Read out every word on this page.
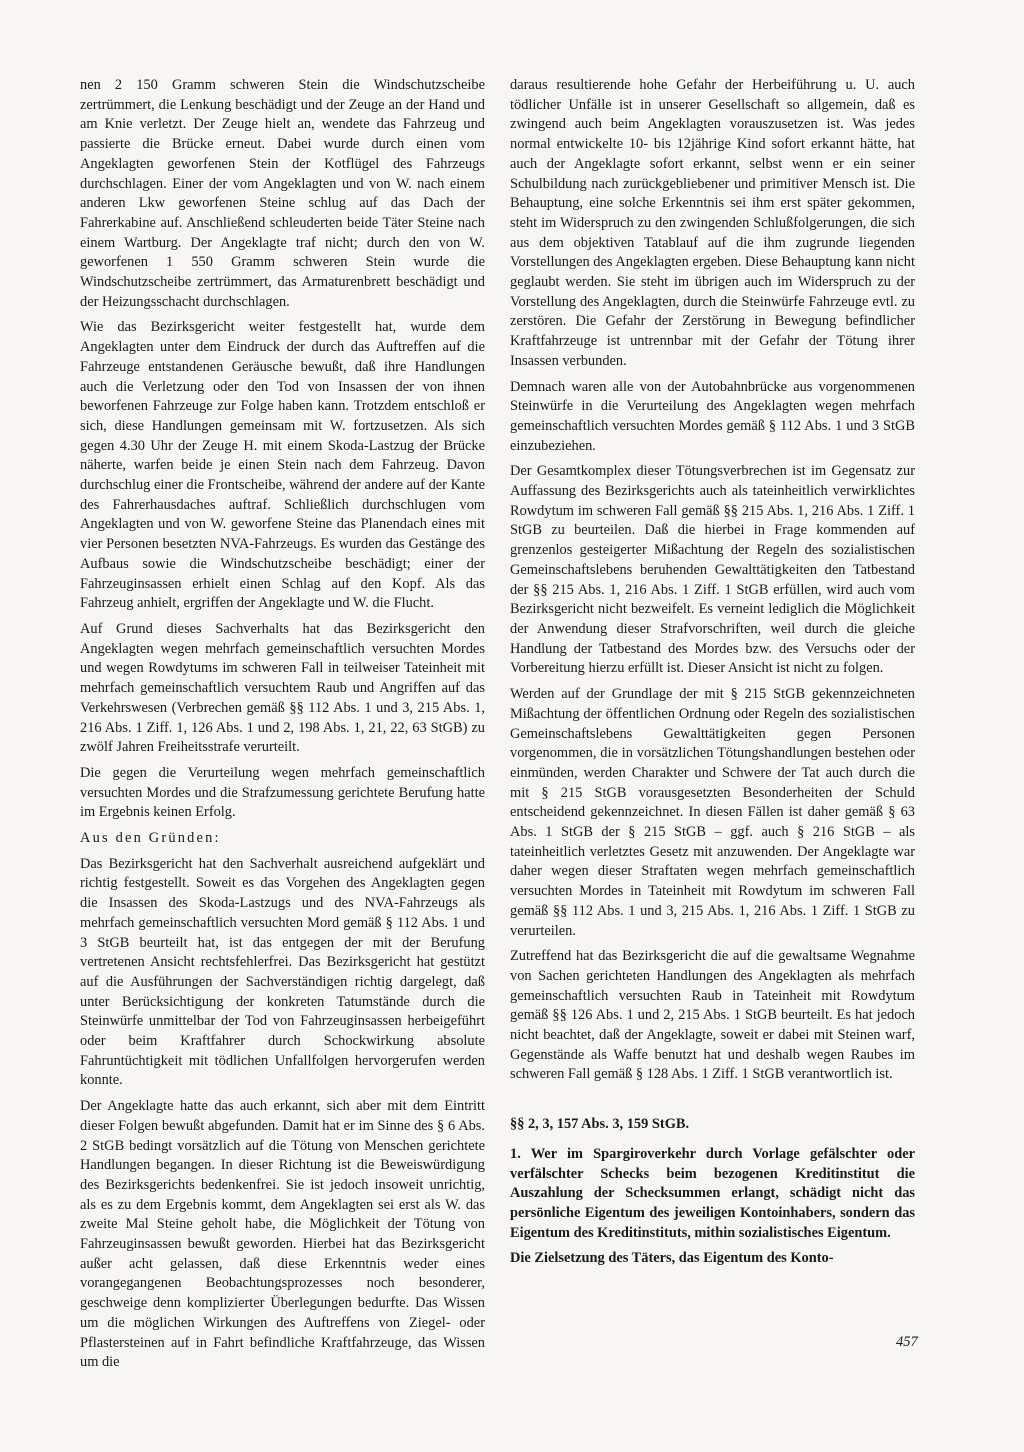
nen 2 150 Gramm schweren Stein die Windschutzscheibe zertrümmert, die Lenkung beschädigt und der Zeuge an der Hand und am Knie verletzt. Der Zeuge hielt an, wendete das Fahrzeug und passierte die Brücke erneut. Dabei wurde durch einen vom Angeklagten geworfenen Stein der Kotflügel des Fahrzeugs durchschlagen. Einer der vom Angeklagten und von W. nach einem anderen Lkw geworfenen Steine schlug auf das Dach der Fahrerkabine auf. Anschließend schleuderten beide Täter Steine nach einem Wartburg. Der Angeklagte traf nicht; durch den von W. geworfenen 1 550 Gramm schweren Stein wurde die Windschutzscheibe zertrümmert, das Armaturenbrett beschädigt und der Heizungsschacht durchschlagen.

Wie das Bezirksgericht weiter festgestellt hat, wurde dem Angeklagten unter dem Eindruck der durch das Auftreffen auf die Fahrzeuge entstandenen Geräusche bewußt, daß ihre Handlungen auch die Verletzung oder den Tod von Insassen der von ihnen beworfenen Fahrzeuge zur Folge haben kann. Trotzdem entschloß er sich, diese Handlungen gemeinsam mit W. fortzusetzen. Als sich gegen 4.30 Uhr der Zeuge H. mit einem Skoda-Lastzug der Brücke näherte, warfen beide je einen Stein nach dem Fahrzeug. Davon durchschlug einer die Frontscheibe, während der andere auf der Kante des Fahrerhausdaches auftraf. Schließlich durchschlugen vom Angeklagten und von W. geworfene Steine das Planendach eines mit vier Personen besetzten NVA-Fahrzeugs. Es wurden das Gestänge des Aufbaus sowie die Windschutzscheibe beschädigt; einer der Fahrzeuginsassen erhielt einen Schlag auf den Kopf. Als das Fahrzeug anhielt, ergriffen der Angeklagte und W. die Flucht.

Auf Grund dieses Sachverhalts hat das Bezirksgericht den Angeklagten wegen mehrfach gemeinschaftlich versuchten Mordes und wegen Rowdytums im schweren Fall in teilweiser Tateinheit mit mehrfach gemeinschaftlich versuchtem Raub und Angriffen auf das Verkehrswesen (Verbrechen gemäß §§ 112 Abs. 1 und 3, 215 Abs. 1, 216 Abs. 1 Ziff. 1, 126 Abs. 1 und 2, 198 Abs. 1, 21, 22, 63 StGB) zu zwölf Jahren Freiheitsstrafe verurteilt.

Die gegen die Verurteilung wegen mehrfach gemeinschaftlich versuchten Mordes und die Strafzumessung gerichtete Berufung hatte im Ergebnis keinen Erfolg.

Aus den Gründen:

Das Bezirksgericht hat den Sachverhalt ausreichend aufgeklärt und richtig festgestellt. Soweit es das Vorgehen des Angeklagten gegen die Insassen des Skoda-Lastzugs und des NVA-Fahrzeugs als mehrfach gemeinschaftlich versuchten Mord gemäß § 112 Abs. 1 und 3 StGB beurteilt hat, ist das entgegen der mit der Berufung vertretenen Ansicht rechtsfehlerfrei. Das Bezirksgericht hat gestützt auf die Ausführungen der Sachverständigen richtig dargelegt, daß unter Berücksichtigung der konkreten Tatumstände durch die Steinwürfe unmittelbar der Tod von Fahrzeuginsassen herbeigeführt oder beim Kraftfahrer durch Schockwirkung absolute Fahruntüchtigkeit mit tödlichen Unfallfolgen hervorgerufen werden konnte.

Der Angeklagte hatte das auch erkannt, sich aber mit dem Eintritt dieser Folgen bewußt abgefunden. Damit hat er im Sinne des § 6 Abs. 2 StGB bedingt vorsätzlich auf die Tötung von Menschen gerichtete Handlungen begangen. In dieser Richtung ist die Beweiswürdigung des Bezirksgerichts bedenkenfrei. Sie ist jedoch insoweit unrichtig, als es zu dem Ergebnis kommt, dem Angeklagten sei erst als W. das zweite Mal Steine geholt habe, die Möglichkeit der Tötung von Fahrzeuginsassen bewußt geworden. Hierbei hat das Bezirksgericht außer acht gelassen, daß diese Erkenntnis weder eines vorangegangenen Beobachtungsprozesses noch besonderer, geschweige denn komplizierter Überlegungen bedurfte. Das Wissen um die möglichen Wirkungen des Auftreffens von Ziegel- oder Pflastersteinen auf in Fahrt befindliche Kraftfahrzeuge, das Wissen um die

daraus resultierende hohe Gefahr der Herbeiführung u. U. auch tödlicher Unfälle ist in unserer Gesellschaft so allgemein, daß es zwingend auch beim Angeklagten vorauszusetzen ist. Was jedes normal entwickelte 10- bis 12jährige Kind sofort erkannt hätte, hat auch der Angeklagte sofort erkannt, selbst wenn er ein seiner Schulbildung nach zurückgebliebener und primitiver Mensch ist. Die Behauptung, eine solche Erkenntnis sei ihm erst später gekommen, steht im Widerspruch zu den zwingenden Schlußfolgerungen, die sich aus dem objektiven Tatablauf auf die ihm zugrunde liegenden Vorstellungen des Angeklagten ergeben. Diese Behauptung kann nicht geglaubt werden. Sie steht im übrigen auch im Widerspruch zu der Vorstellung des Angeklagten, durch die Steinwürfe Fahrzeuge evtl. zu zerstören. Die Gefahr der Zerstörung in Bewegung befindlicher Kraftfahrzeuge ist untrennbar mit der Gefahr der Tötung ihrer Insassen verbunden.

Demnach waren alle von der Autobahnbrücke aus vorgenommenen Steinwürfe in die Verurteilung des Angeklagten wegen mehrfach gemeinschaftlich versuchten Mordes gemäß § 112 Abs. 1 und 3 StGB einzubeziehen.

Der Gesamtkomplex dieser Tötungsverbrechen ist im Gegensatz zur Auffassung des Bezirksgerichts auch als tateinheitlich verwirklichtes Rowdytum im schweren Fall gemäß §§ 215 Abs. 1, 216 Abs. 1 Ziff. 1 StGB zu beurteilen. Daß die hierbei in Frage kommenden auf grenzenlos gesteigerter Mißachtung der Regeln des sozialistischen Gemeinschaftslebens beruhenden Gewalttätigkeiten den Tatbestand der §§ 215 Abs. 1, 216 Abs. 1 Ziff. 1 StGB erfüllen, wird auch vom Bezirksgericht nicht bezweifelt. Es verneint lediglich die Möglichkeit der Anwendung dieser Strafvorschriften, weil durch die gleiche Handlung der Tatbestand des Mordes bzw. des Versuchs oder der Vorbereitung hierzu erfüllt ist. Dieser Ansicht ist nicht zu folgen.

Werden auf der Grundlage der mit § 215 StGB gekennzeichneten Mißachtung der öffentlichen Ordnung oder Regeln des sozialistischen Gemeinschaftslebens Gewalttätigkeiten gegen Personen vorgenommen, die in vorsätzlichen Tötungshandlungen bestehen oder einmünden, werden Charakter und Schwere der Tat auch durch die mit § 215 StGB vorausgesetzten Besonderheiten der Schuld entscheidend gekennzeichnet. In diesen Fällen ist daher gemäß § 63 Abs. 1 StGB der § 215 StGB – ggf. auch § 216 StGB – als tateinheitlich verletztes Gesetz mit anzuwenden. Der Angeklagte war daher wegen dieser Straftaten wegen mehrfach gemeinschaftlich versuchten Mordes in Tateinheit mit Rowdytum im schweren Fall gemäß §§ 112 Abs. 1 und 3, 215 Abs. 1, 216 Abs. 1 Ziff. 1 StGB zu verurteilen.

Zutreffend hat das Bezirksgericht die auf die gewaltsame Wegnahme von Sachen gerichteten Handlungen des Angeklagten als mehrfach gemeinschaftlich versuchten Raub in Tateinheit mit Rowdytum gemäß §§ 126 Abs. 1 und 2, 215 Abs. 1 StGB beurteilt. Es hat jedoch nicht beachtet, daß der Angeklagte, soweit er dabei mit Steinen warf, Gegenstände als Waffe benutzt hat und deshalb wegen Raubes im schweren Fall gemäß § 128 Abs. 1 Ziff. 1 StGB verantwortlich ist.

§§ 2, 3, 157 Abs. 3, 159 StGB.

1. Wer im Spargiroverkehr durch Vorlage gefälschter oder verfälschter Schecks beim bezogenen Kreditinstitut die Auszahlung der Schecksummen erlangt, schädigt nicht das persönliche Eigentum des jeweiligen Kontoinhabers, sondern das Eigentum des Kreditinstituts, mithin sozialistisches Eigentum.

Die Zielsetzung des Täters, das Eigentum des Konto-

457
